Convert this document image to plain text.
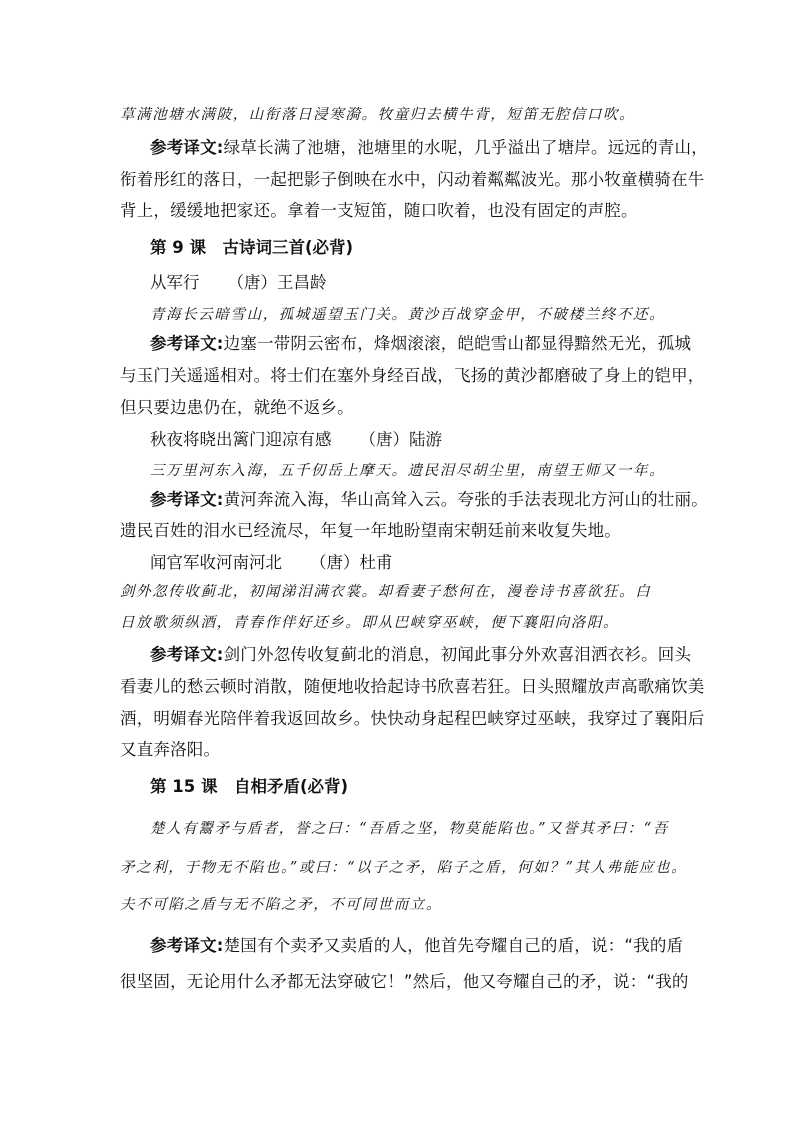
草满池塘水满陂，山衔落日浸寒漪。牧童归去横牛背，短笛无腔信口吹。
参考译文:绿草长满了池塘，池塘里的水呢，几乎溢出了塘岸。远远的青山，
衔着彤红的落日，一起把影子倒映在水中，闪动着粼粼波光。那小牧童横骑在牛
背上，缓缓地把家还。拿着一支短笛，随口吹着，也没有固定的声腔。
第 9 课　古诗词三首(必背)
从军行 （唐）王昌龄
青海长云暗雪山，孤城遥望玉门关。黄沙百战穿金甲，不破楼兰终不还。
参考译文:边塞一带阴云密布，烽烟滚滚，皑皑雪山都显得黯然无光，孤城
与玉门关遥遥相对。将士们在塞外身经百战，飞扬的黄沙都磨破了身上的铠甲，
但只要边患仍在，就绝不返乡。
秋夜将晓出篱门迎凉有感 （唐）陆游
三万里河东入海，五千仞岳上摩天。遗民泪尽胡尘里，南望王师又一年。
参考译文:黄河奔流入海，华山高耸入云。夸张的手法表现北方河山的壮丽。
遗民百姓的泪水已经流尽，年复一年地盼望南宋朝廷前来收复失地。
闻官军收河南河北 （唐）杜甫
剑外忽传收蓟北，初闻涕泪满衣裳。却看妻子愁何在，漫卷诗书喜欲狂。白
日放歌须纵酒，青春作伴好还乡。即从巴峡穿巫峡，便下襄阳向洛阳。
参考译文:剑门外忽传收复蓟北的消息，初闻此事分外欢喜泪洒衣衫。回头
看妻儿的愁云顿时消散，随便地收拾起诗书欣喜若狂。日头照耀放声高歌痛饮美
酒，明媚春光陪伴着我返回故乡。快快动身起程巴峡穿过巫峡，我穿过了襄阳后
又直奔洛阳。
第 15 课　自相矛盾(必背)
楚人有鬻矛与盾者，誉之曰：“吾盾之坚，物莫能陷也。”又誉其矛曰：“吾
矛之利，于物无不陷也。”或曰：“以子之矛，陷子之盾，何如？”其人弗能应也。
夫不可陷之盾与无不陷之矛，不可同世而立。
参考译文:楚国有个卖矛又卖盾的人，他首先夸耀自己的盾，说：“我的盾
很坚固，无论用什么矛都无法穿破它！”然后，他又夸耀自己的矛，说：“我的
